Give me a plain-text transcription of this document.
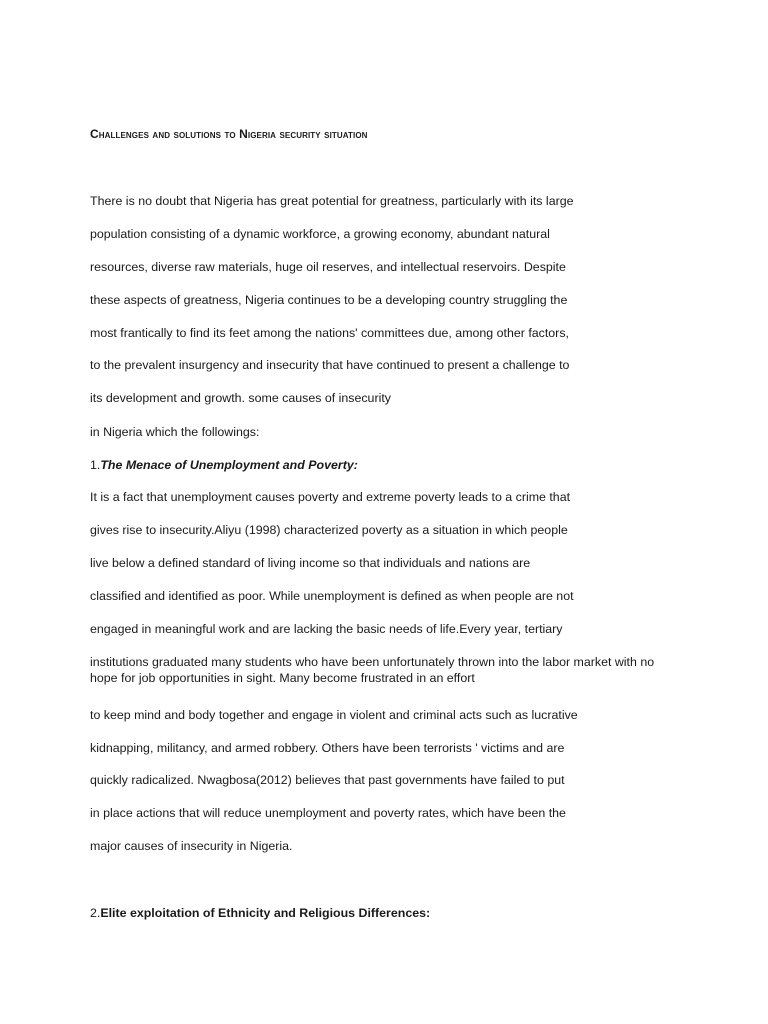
Challenges and solutions to Nigeria security situation
There is no doubt that Nigeria has great potential for greatness, particularly with its large
population consisting of a dynamic workforce, a growing economy, abundant natural
resources, diverse raw materials, huge oil reserves, and intellectual reservoirs. Despite
these aspects of greatness, Nigeria continues to be a developing country struggling the
most frantically to find its feet among the nations' committees due, among other factors,
to the prevalent insurgency and insecurity that have continued to present a challenge to
its development and growth. some causes of insecurity
in Nigeria which the followings:
1.The Menace of Unemployment and Poverty:
It is a fact that unemployment causes poverty and extreme poverty leads to a crime that
gives rise to insecurity.Aliyu (1998) characterized poverty as a situation in which people
live below a defined standard of living income so that individuals and nations are
classified and identified as poor. While unemployment is defined as when people are not
engaged in meaningful work and are lacking the basic needs of life.Every year, tertiary
institutions graduated many students who have been unfortunately thrown into the labor market with no hope for job opportunities in sight. Many become frustrated in an effort
to keep mind and body together and engage in violent and criminal acts such as lucrative
kidnapping, militancy, and armed robbery. Others have been terrorists ' victims and are
quickly radicalized. Nwagbosa(2012) believes that past governments have failed to put
in place actions that will reduce unemployment and poverty rates, which have been the
major causes of insecurity in Nigeria.
2.Elite exploitation of Ethnicity and Religious Differences:
